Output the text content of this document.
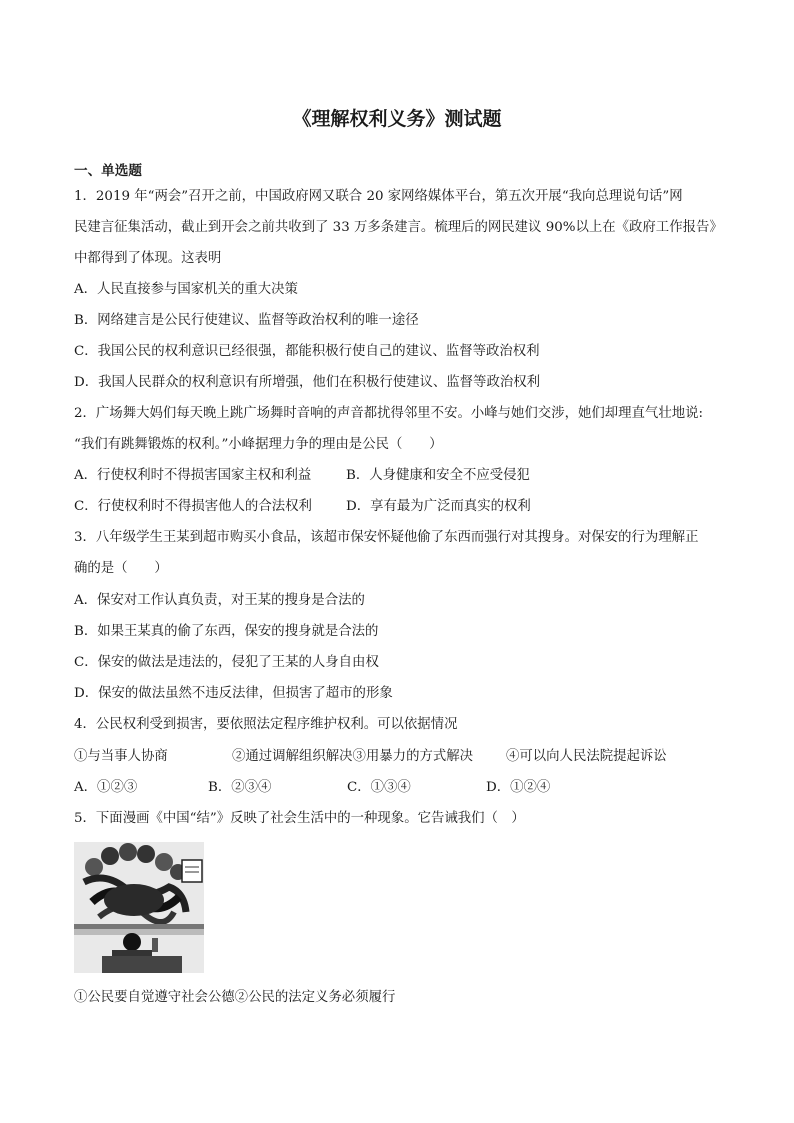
《理解权利义务》测试题
一、单选题
1．2019 年“两会”召开之前，中国政府网又联合 20 家网络媒体平台，第五次开展“我向总理说句话”网
民建言征集活动，截止到开会之前共收到了 33 万多条建言。梳理后的网民建议 90%以上在《政府工作报告》
中都得到了体现。这表明
A．人民直接参与国家机关的重大决策
B．网络建言是公民行使建议、监督等政治权利的唯一途径
C．我国公民的权利意识已经很强，都能积极行使自己的建议、监督等政治权利
D．我国人民群众的权利意识有所增强，他们在积极行使建议、监督等政治权利
2．广场舞大妈们每天晚上跳广场舞时音响的声音都扰得邻里不安。小峰与她们交涉，她们却理直气壮地说:
“我们有跳舞锻炼的权利。”小峰据理力争的理由是公民（　　）
A．行使权利时不得损害国家主权和利益	B．人身健康和安全不应受侵犯
C．行使权利时不得损害他人的合法权利	D．享有最为广泛而真实的权利
3．八年级学生王某到超市购买小食品，该超市保安怀疑他偷了东西而强行对其搜身。对保安的行为理解正
确的是（　　）
A．保安对工作认真负责，对王某的搜身是合法的
B．如果王某真的偷了东西，保安的搜身就是合法的
C．保安的做法是违法的，侵犯了王某的人身自由权
D．保安的做法虽然不违反法律，但损害了超市的形象
4．公民权利受到损害，要依照法定程序维护权利。可以依据情况
①与当事人协商	②通过调解组织解决③用暴力的方式解决 ④可以向人民法院提起诉讼
A．①②③	B．②③④	C．①③④	D．①②④
5．下面漫画《中国“结”》反映了社会生活中的一种现象。它告诫我们（　）
①公民要自觉遵守社会公德②公民的法定义务必须履行
